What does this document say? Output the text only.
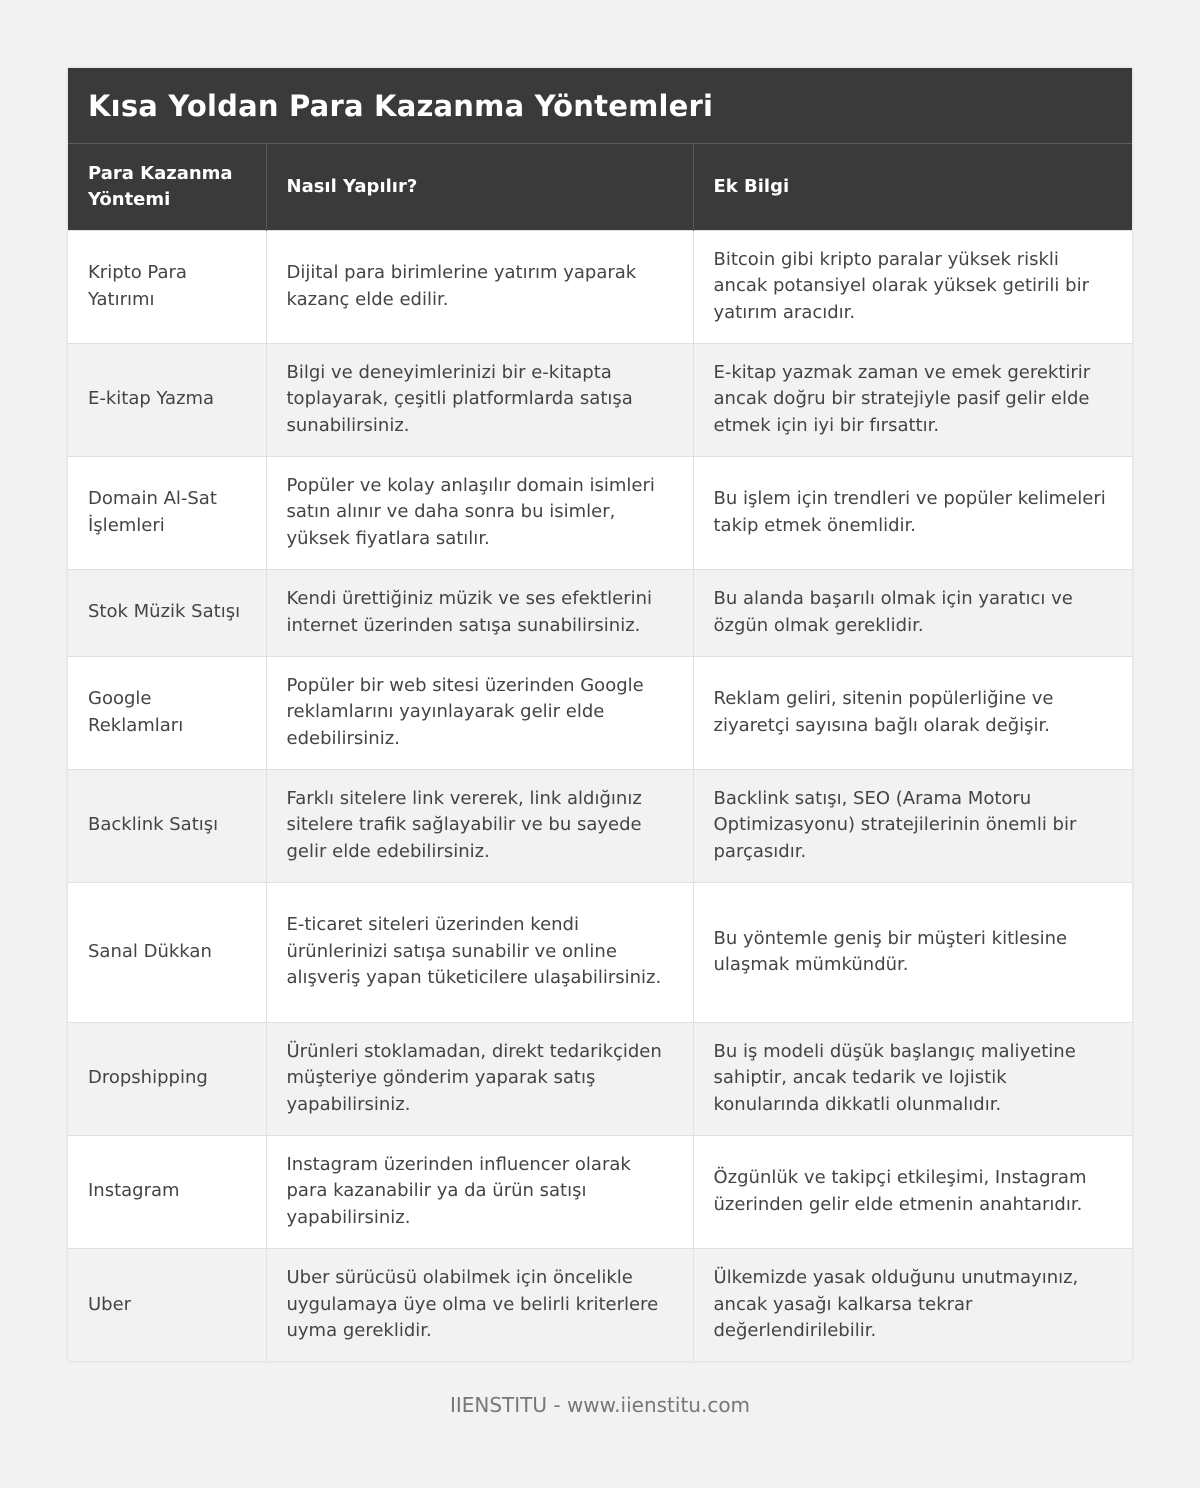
Kısa Yoldan Para Kazanma Yöntemleri
Para Kazanma Yöntemi	Nasıl Yapılır?	Ek Bilgi
Kripto Para Yatırımı	Dijital para birimlerine yatırım yaparak kazanç elde edilir.	Bitcoin gibi kripto paralar yüksek riskli ancak potansiyel olarak yüksek getirili bir yatırım aracıdır.
E-kitap Yazma	Bilgi ve deneyimlerinizi bir e-kitapta toplayarak, çeşitli platformlarda satışa sunabilirsiniz.	E-kitap yazmak zaman ve emek gerektirir ancak doğru bir stratejiyle pasif gelir elde etmek için iyi bir fırsattır.
Domain Al-Sat İşlemleri	Popüler ve kolay anlaşılır domain isimleri satın alınır ve daha sonra bu isimler, yüksek fiyatlara satılır.	Bu işlem için trendleri ve popüler kelimeleri takip etmek önemlidir.
Stok Müzik Satışı	Kendi ürettiğiniz müzik ve ses efektlerini internet üzerinden satışa sunabilirsiniz.	Bu alanda başarılı olmak için yaratıcı ve özgün olmak gereklidir.
Google Reklamları	Popüler bir web sitesi üzerinden Google reklamlarını yayınlayarak gelir elde edebilirsiniz.	Reklam geliri, sitenin popülerliğine ve ziyaretçi sayısına bağlı olarak değişir.
Backlink Satışı	Farklı sitelere link vererek, link aldığınız sitelere trafik sağlayabilir ve bu sayede gelir elde edebilirsiniz.	Backlink satışı, SEO (Arama Motoru Optimizasyonu) stratejilerinin önemli bir parçasıdır.
Sanal Dükkan	E-ticaret siteleri üzerinden kendi ürünlerinizi satışa sunabilir ve online alışveriş yapan tüketicilere ulaşabilirsiniz.	Bu yöntemle geniş bir müşteri kitlesine ulaşmak mümkündür.
Dropshipping	Ürünleri stoklamadan, direkt tedarikçiden müşteriye gönderim yaparak satış yapabilirsiniz.	Bu iş modeli düşük başlangıç maliyetine sahiptir, ancak tedarik ve lojistik konularında dikkatli olunmalıdır.
Instagram	Instagram üzerinden influencer olarak para kazanabilir ya da ürün satışı yapabilirsiniz.	Özgünlük ve takipçi etkileşimi, Instagram üzerinden gelir elde etmenin anahtarıdır.
Uber	Uber sürücüsü olabilmek için öncelikle uygulamaya üye olma ve belirli kriterlere uyma gereklidir.	Ülkemizde yasak olduğunu unutmayınız, ancak yasağı kalkarsa tekrar değerlendirilebilir.
IIENSTITU - www.iienstitu.com
